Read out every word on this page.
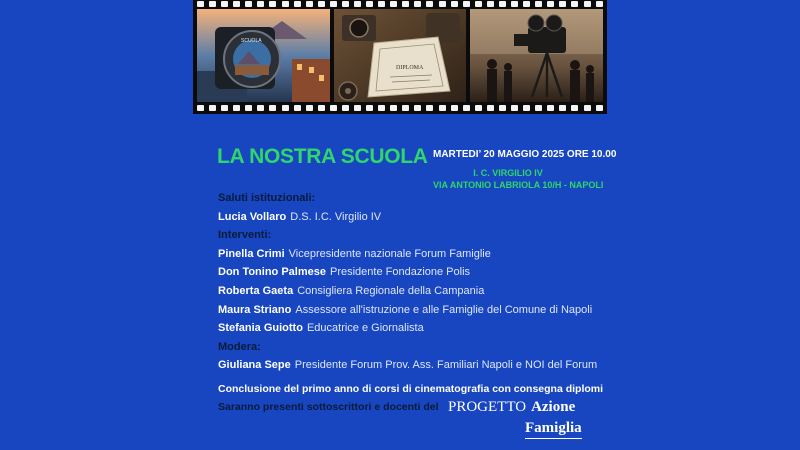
SCUOLA
DIPLOMA
LA NOSTRA SCUOLA MARTEDI’ 20 MAGGIO 2025 ORE 10.00
I. C. VIRGILIO IV
VIA ANTONIO LABRIOLA 10/H - NAPOLI
Saluti istituzionali:
Lucia Vollaro D.S. I.C. Virgilio IV
Interventi:
Pinella Crimi Vicepresidente nazionale Forum Famiglie
Don Tonino Palmese Presidente Fondazione Polis
Roberta Gaeta Consigliera Regionale della Campania
Maura Striano Assessore all'istruzione e alle Famiglie del Comune di Napoli
Stefania Guiotto Educatrice e Giornalista
Modera:
Giuliana Sepe Presidente Forum Prov. Ass. Familiari Napoli e NOI del Forum
Conclusione del primo anno di corsi di cinematografia con consegna diplomi
Saranno presenti sottoscrittori e docenti del PROGETTO Azione
Famiglia
